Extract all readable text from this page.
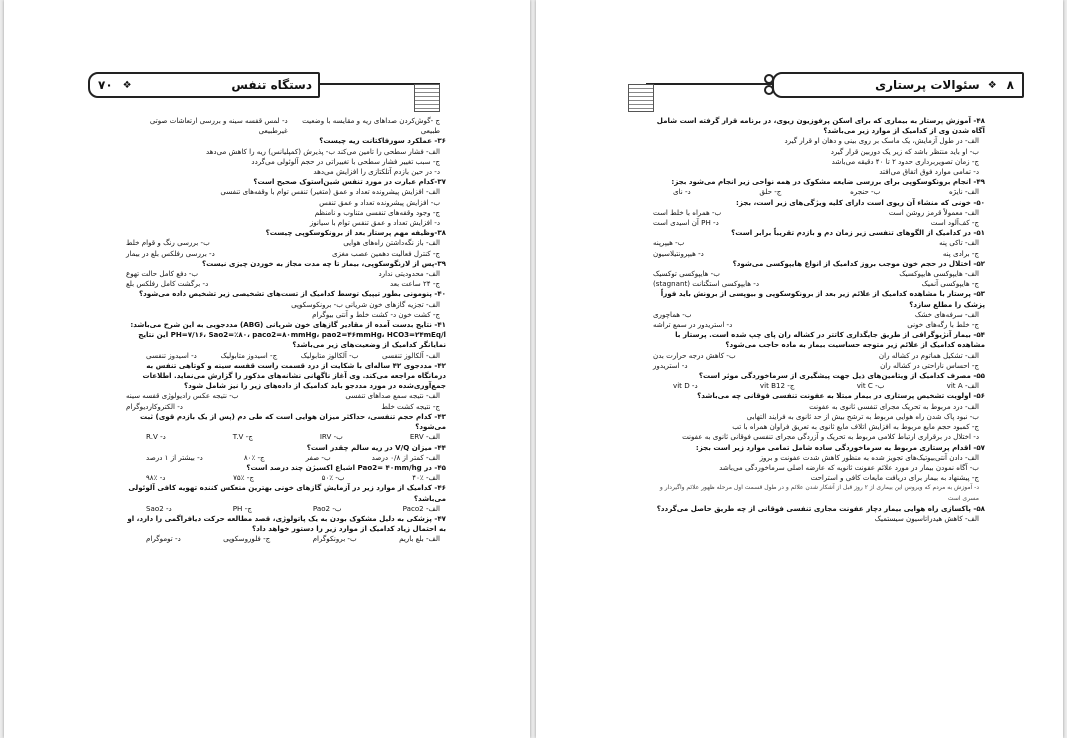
دستگاه تنفس
❖
۷۰
ج -گوش‌کردن صداهای ریه و مقایسه با وضعیت طبیعی
د- لمس قفسه سینه و بررسی ارتعاشات صوتی غیرطبیعی
۳۶- عملکرد سورفاکتانت ریه چیست؟
الف- فشار سطحی را تامین می‌کند ب- پذیرش (کمپلیانس) ریه را کاهش می‌دهد
ج- سبب تغییر فشار سطحی با تغییراتی در حجم آلوئولی می‌گردد
د- در حین بازدم آتلکتازی را افزایش می‌دهد
۳۷-کدام عبارت در مورد تنفس شین‌استوک صحیح است؟
الف- افزایش پیشرونده تعداد و عمق (متغیر) تنفس توام با وقفه‌های تنفسی
ب- افزایش پیشرونده تعداد و عمق تنفس
ج- وجود وقفه‌های تنفسی متناوب و نامنظم
د- افزایش تعداد و عمق تنفس توام با سیانوز
۳۸-وظیفه مهم پرستار بعد از برونکوسکوپی چیست؟
الف- باز نگه‌داشتن راه‌های هوایی
ب- بررسی رنگ و قوام خلط
ج- کنترل فعالیت دهمین عصب مغزی
د- بررسی رفلکس بلع در بیمار
۳۹-پس از لارنگوسکوپی، بیمار تا چه مدت مجاز به خوردن چیزی نیست؟
الف- محدودیتی ندارد
ب- دفع کامل حالت تهوع
ج- ۲۴ ساعت بعد
د- برگشت کامل رفلکس بلع
۴۰- پنومونی بطور تیپیک توسط کدامیک از تست‌های تشخیصی زیر تشخیص داده می‌شود؟
الف- تجزیه گازهای خون شریانی ب- برونکوسکوپی
ج- کشت خون د- کشت خلط و آنتی بیوگرام
۴۱- نتایج بدست آمده از مقادیر گازهای خون شریانی (ABG) مددجویی به این شرح می‌باشد:
PH=۷/۱۶، Sao2=٪۸۰، paco2=۸۰mmHg، pao2=۴۶mmHg، HCO3=۲۴mEq/l این نتایج نمایانگر کدامیک از وضعیت‌های زیر می‌باشد؟
الف- آلکالوز تنفسی
ب- آلکالوز متابولیک
ج- اسیدوز متابولیک
د- اسیدوز تنفسی
۴۲- مددجوی ۴۲ ساله‌ای با شکایت از درد قسمت راست قفسه سینه و کوتاهی تنفس به درمانگاه مراجعه می‌کند. وی آغاز ناگهانی نشانه‌های مذکور را گزارش می‌نماید. اطلاعات جمع‌آوری‌شده در مورد مددجو باید کدامیک از داده‌های زیر را نیز شامل شود؟
الف- نتیجه سمع صداهای تنفسی
ب- نتیجه عکس رادیولوژی قفسه سینه
ج- نتیجه کشت خلط
د- الکتروکاردیوگرام
۴۳- کدام حجم تنفسی، حداکثر میزان هوایی است که طی دم (پس از یک بازدم قوی) ثبت می‌شود؟
الف- ERV
ب- IRV
ج- T.V
د- R.V
۴۴- میزان V/Q در ریه سالم چقدر است؟
الف- کمتر از ۰/۸ درصد
ب- صفر
ج- ٪۸۰
د- بیشتر از ۱ درصد
۴۵- در Pao2= ۴۰mm/hg اشباع اکسیژن چند درصد است؟
الف- ٪۴۰
ب- ٪۵۰
ج- ٪۷۵
د- ٪۹۸
۴۶- کدامیک از موارد زیر در آزمایش گازهای خونی بهترین منعکس کننده تهویه کافی آلوئولی می‌باشد؟
الف- Paco2
ب- Pao2
ج- PH
د- Sao2
۴۷- پزشکی به دلیل مشکوک بودن به یک پاتولوژی، قصد مطالعه حرکت دیافراگمی را دارد، او به احتمال زیاد کدامیک از موارد زیر را دستور خواهد داد؟
الف- بلع باریم
ب- برونکوگرام
ج- فلوروسکوپی
د- توموگرام
۸
❖
سئوالات پرستاری
۴۸- آموزش پرستار به بیماری که برای اسکن پرفوزیون ریوی، در برنامه قرار گرفته است شامل آگاه شدن وی از کدامیک از موارد زیر می‌باشد؟
الف- در طول آزمایش، یک ماسک بر روی بینی و دهان او قرار گیرد
ب- او باید منتظر باشد که زیر یک دوربین قرار گیرد
ج- زمان تصویربرداری حدود ۲ تا ۴۰ دقیقه می‌باشد
د- تمامی موارد فوق اتفاق می‌افتد
۴۹- انجام برونکوسکوپی برای بررسی ضایعه مشکوک در همه نواحی زیر انجام می‌شود بجز:
الف- نایژه
ب- حنجره
ج- حلق
د- نای
۵۰- خونی که منشاء آن ریوی است دارای کلیه ویژگی‌های زیر است، بجز:
الف- معمولاً قرمز روشن است
ب- همراه با خلط است
ج- کف‌آلود است
د- PH آن اسیدی است
۵۱- در کدامیک از الگوهای تنفسی زیر زمان دم و بازدم تقریباً برابر است؟
الف- تاکی پنه
ب- هیپرپنه
ج- برادی پنه
د- هیپرونتیلاسیون
۵۲- اختلال در حجم خون موجب بروز کدامیک از انواع هایپوکسی می‌شود؟
الف- هایپوکسی هایپوکسیک
ب- هایپوکسی توکسیک
ج- هایپوکسی آنمیک
د- هایپوکسی استگنانت (stagnant)
۵۳- پرستار با مشاهده کدامیک از علائم زیر بعد از برونکوسکوپی و بیوپسی از برونش باید فوراً پزشک را مطلع سازد؟
الف- سرفه‌های خشک
ب- هماچوری
ج- خلط با رگه‌های خونی
د- استریدور در سمع تراشه
۵۴- بیمار آنژیوگرافی از طریق جایگذاری کاتتر در کشاله ران پای چپ شده است. پرستار با مشاهده کدامیک از علائم زیر متوجه حساسیت بیمار به ماده حاجب می‌شود؟
الف- تشکیل هماتوم در کشاله ران
ب- کاهش درجه حرارت بدن
ج- احساس ناراحتی در کشاله ران
د- استریدور
۵۵- مصرف کدامیک از ویتامین‌های ذیل جهت پیشگیری از سرماخوردگی موثر است؟
الف- vit A
ب- vit C
ج- vit B12
د- vit D
۵۶- اولویت تشخیص پرستاری در بیمار مبتلا به عفونت تنفسی فوقانی چه می‌باشد؟
الف- درد مربوط به تحریک مجرای تنفسی ثانوی به عفونت
ب- نبود پاک شدن راه هوایی مربوط به ترشح بیش از حد ثانوی به فرایند التهابی
ج- کمبود حجم مایع مربوط به افزایش اتلاف مایع ثانوی به تعریق فراوان همراه با تب
د- اختلال در برقراری ارتباط کلامی مربوط به تحریک و آزردگی مجرای تنفسی فوقانی ثانوی به عفونت
۵۷- اقدام پرستاری مربوط به سرماخوردگی ساده شامل تمامی موارد زیر است بجز:
الف- دادن آنتی‌بیوتیک‌های تجویز شده به منظور کاهش شدت عفونت و بروز
ب- آگاه نمودن بیمار در مورد علائم عفونت ثانویه که عارضه اصلی سرماخوردگی می‌باشد
ج- پیشنهاد به بیمار برای دریافت مایعات کافی و استراحت
د- آموزش به مردم که ویروس این بیماری از ۲ روز قبل از آشکار شدن علائم و در طول قسمت اول مرحله ظهور علائم واگیردار و مسری است
۵۸- پاکسازی راه هوایی بیمار دچار عفونت مجاری تنفسی فوقانی از چه طریق حاصل می‌گردد؟
الف- کاهش هیدراتاسیون سیستمیک
